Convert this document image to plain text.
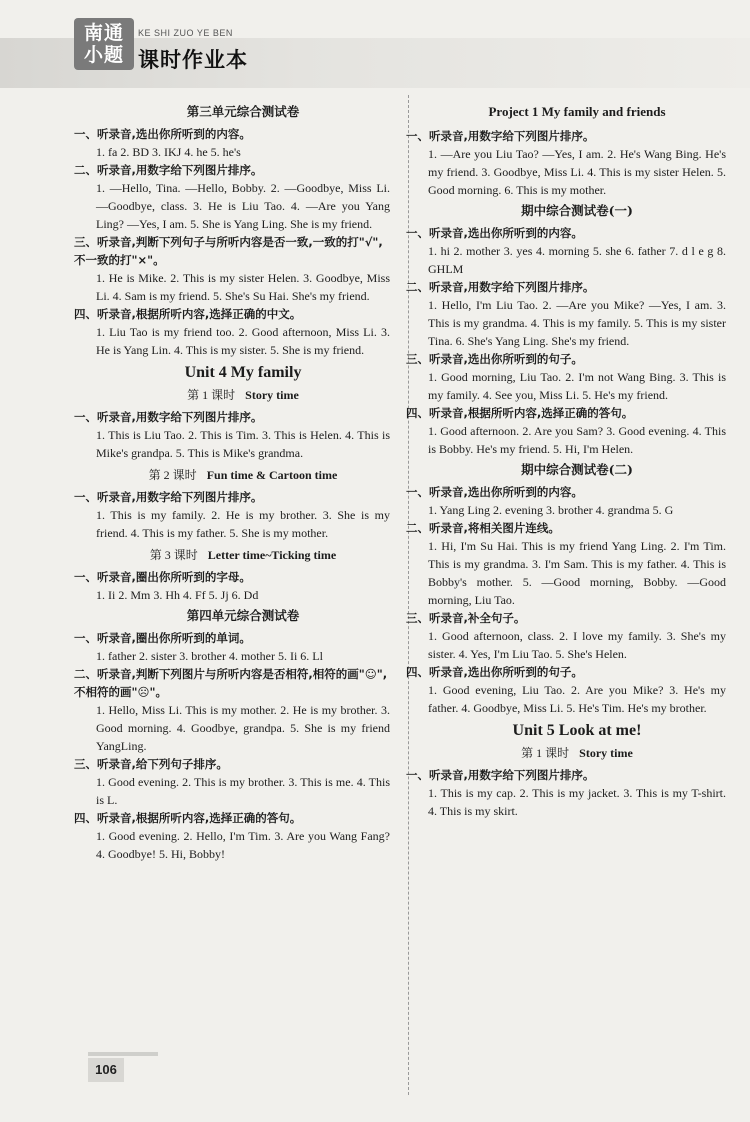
南通小题
KE SHI ZUO YE BEN
课时作业本
第三单元综合测试卷
一、听录音,选出你所听到的内容。
1. fa 2. BD 3. IKJ 4. he 5. he's
二、听录音,用数字给下列图片排序。
1. —Hello, Tina. —Hello, Bobby. 2. —Goodbye, Miss Li. —Goodbye, class. 3. He is Liu Tao. 4. —Are you Yang Ling? —Yes, I am. 5. She is Yang Ling. She is my friend.
三、听录音,判断下列句子与所听内容是否一致,一致的打"√",不一致的打"×"。
1. He is Mike. 2. This is my sister Helen. 3. Goodbye, Miss Li. 4. Sam is my friend. 5. She's Su Hai. She's my friend.
四、听录音,根据所听内容,选择正确的中文。
1. Liu Tao is my friend too. 2. Good afternoon, Miss Li. 3. He is Yang Lin. 4. This is my sister. 5. She is my friend.
Unit 4 My family
第 1 课时 Story time
一、听录音,用数字给下列图片排序。
1. This is Liu Tao. 2. This is Tim. 3. This is Helen. 4. This is Mike's grandpa. 5. This is Mike's grandma.
第 2 课时 Fun time & Cartoon time
一、听录音,用数字给下列图片排序。
1. This is my family. 2. He is my brother. 3. She is my friend. 4. This is my father. 5. She is my mother.
第 3 课时 Letter time~Ticking time
一、听录音,圈出你所听到的字母。
1. Ii 2. Mm 3. Hh 4. Ff 5. Jj 6. Dd
第四单元综合测试卷
一、听录音,圈出你所听到的单词。
1. father 2. sister 3. brother 4. mother 5. Ii 6. Ll
二、听录音,判断下列图片与所听内容是否相符,相符的画"☺",不相符的画"☹"。
1. Hello, Miss Li. This is my mother. 2. He is my brother. 3. Good morning. 4. Goodbye, grandpa. 5. She is my friend YangLing.
三、听录音,给下列句子排序。
1. Good evening. 2. This is my brother. 3. This is me. 4. This is L.
四、听录音,根据所听内容,选择正确的答句。
1. Good evening. 2. Hello, I'm Tim. 3. Are you Wang Fang? 4. Goodbye! 5. Hi, Bobby!
Project 1 My family and friends
一、听录音,用数字给下列图片排序。
1. —Are you Liu Tao? —Yes, I am. 2. He's Wang Bing. He's my friend. 3. Goodbye, Miss Li. 4. This is my sister Helen. 5. Good morning. 6. This is my mother.
期中综合测试卷(一)
一、听录音,选出你所听到的内容。
1. hi 2. mother 3. yes 4. morning 5. she 6. father 7. d l e g 8. GHLM
二、听录音,用数字给下列图片排序。
1. Hello, I'm Liu Tao. 2. —Are you Mike? —Yes, I am. 3. This is my grandma. 4. This is my family. 5. This is my sister Tina. 6. She's Yang Ling. She's my friend.
三、听录音,选出你所听到的句子。
1. Good morning, Liu Tao. 2. I'm not Wang Bing. 3. This is my family. 4. See you, Miss Li. 5. He's my friend.
四、听录音,根据所听内容,选择正确的答句。
1. Good afternoon. 2. Are you Sam? 3. Good evening. 4. This is Bobby. He's my friend. 5. Hi, I'm Helen.
期中综合测试卷(二)
一、听录音,选出你所听到的内容。
1. Yang Ling 2. evening 3. brother 4. grandma 5. G
二、听录音,将相关图片连线。
1. Hi, I'm Su Hai. This is my friend Yang Ling. 2. I'm Tim. This is my grandma. 3. I'm Sam. This is my father. 4. This is Bobby's mother. 5. —Good morning, Bobby. —Good morning, Liu Tao.
三、听录音,补全句子。
1. Good afternoon, class. 2. I love my family. 3. She's my sister. 4. Yes, I'm Liu Tao. 5. She's Helen.
四、听录音,选出你所听到的句子。
1. Good evening, Liu Tao. 2. Are you Mike? 3. He's my father. 4. Goodbye, Miss Li. 5. He's Tim. He's my brother.
Unit 5 Look at me!
第 1 课时 Story time
一、听录音,用数字给下列图片排序。
1. This is my cap. 2. This is my jacket. 3. This is my T-shirt. 4. This is my skirt.
106
